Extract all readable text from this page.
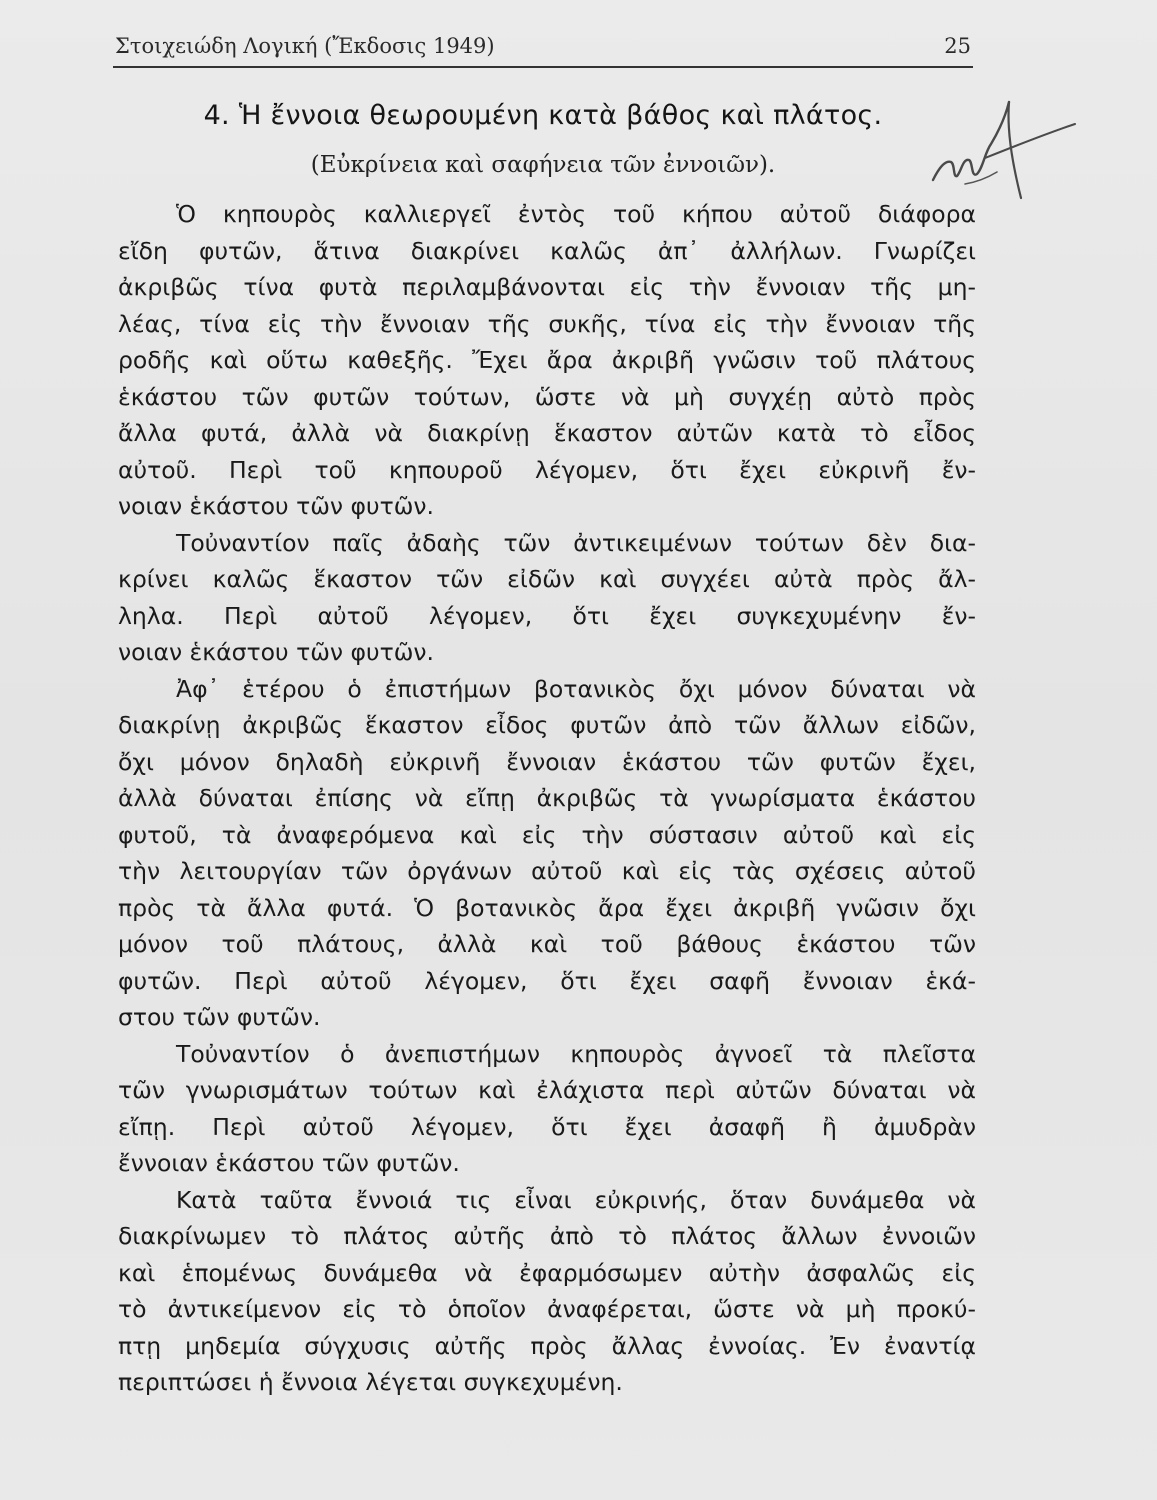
Στοιχειώδη Λογική (Ἔκδοσις 1949)	25
4. Ἡ ἔννοια θεωρουμένη κατὰ βάθος καὶ πλάτος.
(Εὐκρίνεια καὶ σαφήνεια τῶν ἐννοιῶν).
Ὁ κηπουρὸς καλλιεργεῖ ἐντὸς τοῦ κήπου αὐτοῦ διάφορα
εἴδη φυτῶν, ἅτινα διακρίνει καλῶς ἀπ᾽ ἀλλήλων. Γνωρίζει
ἀκριβῶς τίνα φυτὰ περιλαμβάνονται εἰς τὴν ἔννοιαν τῆς μη-
λέας, τίνα εἰς τὴν ἔννοιαν τῆς συκῆς, τίνα εἰς τὴν ἔννοιαν τῆς
ροδῆς καὶ οὕτω καθεξῆς. Ἔχει ἄρα ἀκριβῆ γνῶσιν τοῦ πλάτους
ἑκάστου τῶν φυτῶν τούτων, ὥστε νὰ μὴ συγχέῃ αὐτὸ πρὸς
ἄλλα φυτά, ἀλλὰ νὰ διακρίνῃ ἕκαστον αὐτῶν κατὰ τὸ εἶδος
αὐτοῦ. Περὶ τοῦ κηπουροῦ λέγομεν, ὅτι ἔχει εὐκρινῆ ἔν-
νοιαν ἑκάστου τῶν φυτῶν.
Τοὐναντίον παῖς ἀδαὴς τῶν ἀντικειμένων τούτων δὲν δια-
κρίνει καλῶς ἕκαστον τῶν εἰδῶν καὶ συγχέει αὐτὰ πρὸς ἄλ-
ληλα. Περὶ αὐτοῦ λέγομεν, ὅτι ἔχει συγκεχυμένην ἔν-
νοιαν ἑκάστου τῶν φυτῶν.
Ἀφ᾽ ἑτέρου ὁ ἐπιστήμων βοτανικὸς ὄχι μόνον δύναται νὰ
διακρίνῃ ἀκριβῶς ἕκαστον εἶδος φυτῶν ἀπὸ τῶν ἄλλων εἰδῶν,
ὄχι μόνον δηλαδὴ εὐκρινῆ ἔννοιαν ἑκάστου τῶν φυτῶν ἔχει,
ἀλλὰ δύναται ἐπίσης νὰ εἴπῃ ἀκριβῶς τὰ γνωρίσματα ἑκάστου
φυτοῦ, τὰ ἀναφερόμενα καὶ εἰς τὴν σύστασιν αὐτοῦ καὶ εἰς
τὴν λειτουργίαν τῶν ὀργάνων αὐτοῦ καὶ εἰς τὰς σχέσεις αὐτοῦ
πρὸς τὰ ἄλλα φυτά. Ὁ βοτανικὸς ἄρα ἔχει ἀκριβῆ γνῶσιν ὄχι
μόνον τοῦ πλάτους, ἀλλὰ καὶ τοῦ βάθους ἑκάστου τῶν
φυτῶν. Περὶ αὐτοῦ λέγομεν, ὅτι ἔχει σαφῆ ἔννοιαν ἑκά-
στου τῶν φυτῶν.
Τοὐναντίον ὁ ἀνεπιστήμων κηπουρὸς ἀγνοεῖ τὰ πλεῖστα
τῶν γνωρισμάτων τούτων καὶ ἐλάχιστα περὶ αὐτῶν δύναται νὰ
εἴπῃ. Περὶ αὐτοῦ λέγομεν, ὅτι ἔχει ἀσαφῆ ἢ ἀμυδρὰν
ἔννοιαν ἑκάστου τῶν φυτῶν.
Κατὰ ταῦτα ἔννοιά τις εἶναι εὐκρινής, ὅταν δυνάμεθα νὰ
διακρίνωμεν τὸ πλάτος αὐτῆς ἀπὸ τὸ πλάτος ἄλλων ἐννοιῶν
καὶ ἑπομένως δυνάμεθα νὰ ἐφαρμόσωμεν αὐτὴν ἀσφαλῶς εἰς
τὸ ἀντικείμενον εἰς τὸ ὁποῖον ἀναφέρεται, ὥστε νὰ μὴ προκύ-
πτῃ μηδεμία σύγχυσις αὐτῆς πρὸς ἄλλας ἐννοίας. Ἐν ἐναντίᾳ
περιπτώσει ἡ ἔννοια λέγεται συγκεχυμένη.
